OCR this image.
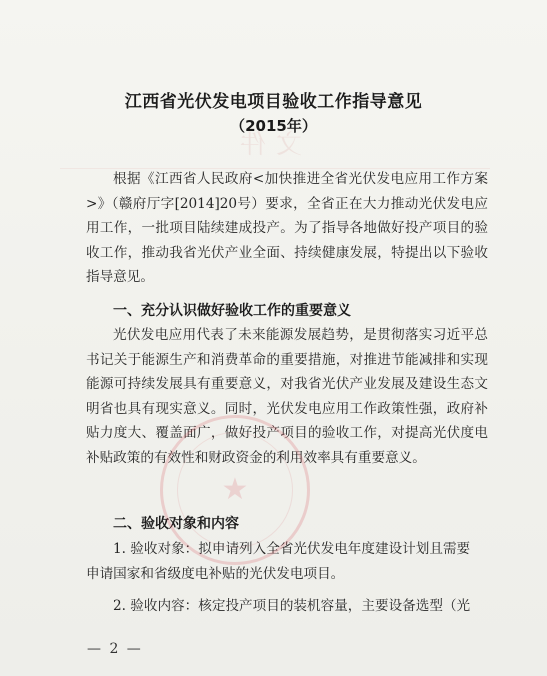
文件
江西省光伏发电项目验收工作指导意见
（2015年）
根据《江西省人民政府<加快推进全省光伏发电应用工作方案>》（赣府厅字[2014]20号）要求，全省正在大力推动光伏发电应用工作，一批项目陆续建成投产。为了指导各地做好投产项目的验收工作，推动我省光伏产业全面、持续健康发展，特提出以下验收指导意见。
一、充分认识做好验收工作的重要意义
光伏发电应用代表了未来能源发展趋势，是贯彻落实习近平总书记关于能源生产和消费革命的重要措施，对推进节能减排和实现能源可持续发展具有重要意义，对我省光伏产业发展及建设生态文明省也具有现实意义。同时，光伏发电应用工作政策性强，政府补贴力度大、覆盖面广，做好投产项目的验收工作，对提高光伏度电补贴政策的有效性和财政资金的利用效率具有重要意义。
二、验收对象和内容
1. 验收对象：拟申请列入全省光伏发电年度建设计划且需要
申请国家和省级度电补贴的光伏发电项目。
2. 验收内容：核定投产项目的装机容量，主要设备选型（光
★
— 2 —
